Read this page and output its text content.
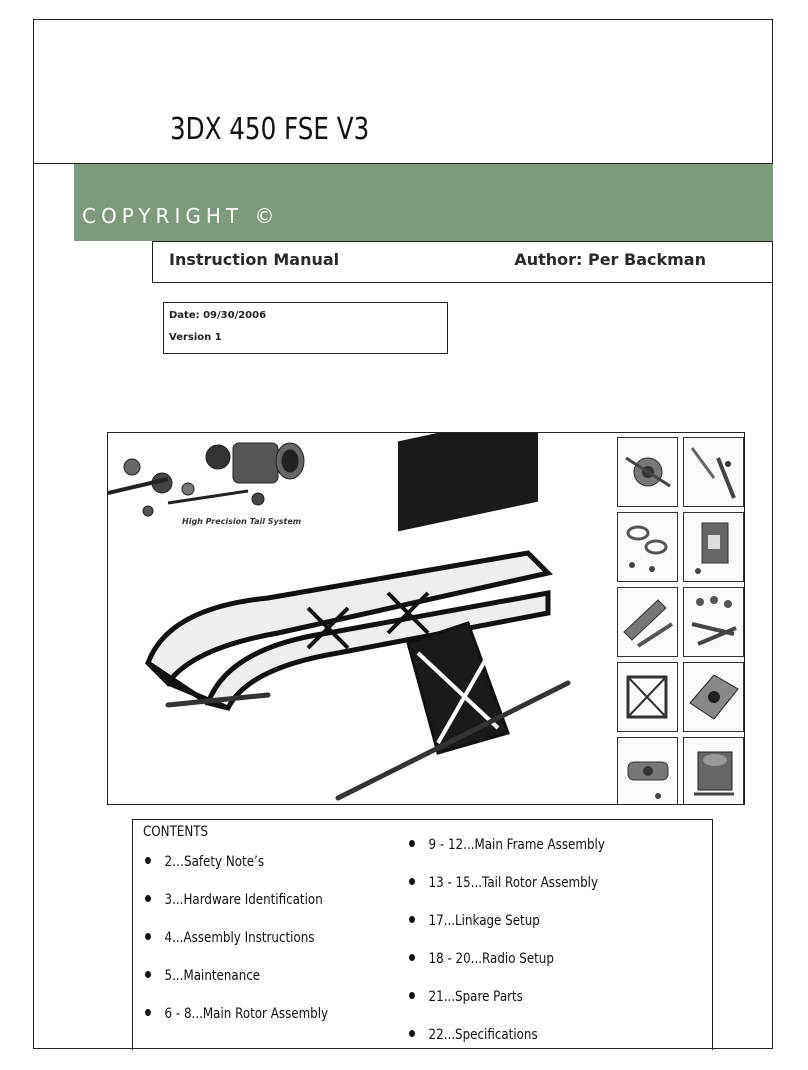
3DX 450 FSE V3
COPYRIGHT ©
Instruction Manual	Author: Per Backman
Date: 09/30/2006
Version 1
High Precision Tail System
CONTENTS
2…Safety Note’s
3...Hardware Identification
4...Assembly Instructions
5...Maintenance
6 - 8...Main Rotor Assembly
9 - 12...Main Frame Assembly
13 - 15...Tail Rotor Assembly
17...Linkage Setup
18 - 20...Radio Setup
21...Spare Parts
22...Specifications
